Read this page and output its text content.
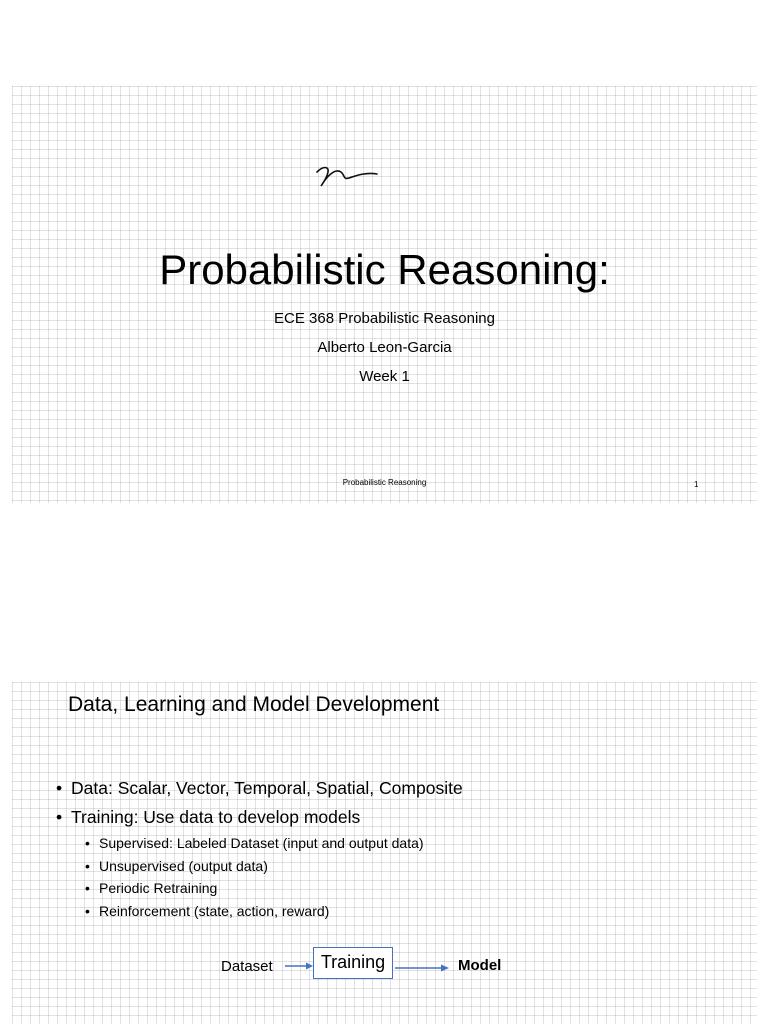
Probabilistic Reasoning:
ECE 368 Probabilistic Reasoning
Alberto Leon-Garcia
Week 1
Probabilistic Reasoning	1
Data, Learning and Model Development
• Data: Scalar, Vector, Temporal, Spatial, Composite
• Training: Use data to develop models
• Supervised: Labeled Dataset (input and output data)
• Unsupervised (output data)
• Periodic Retraining
• Reinforcement (state, action, reward)
Dataset	Training	Model
